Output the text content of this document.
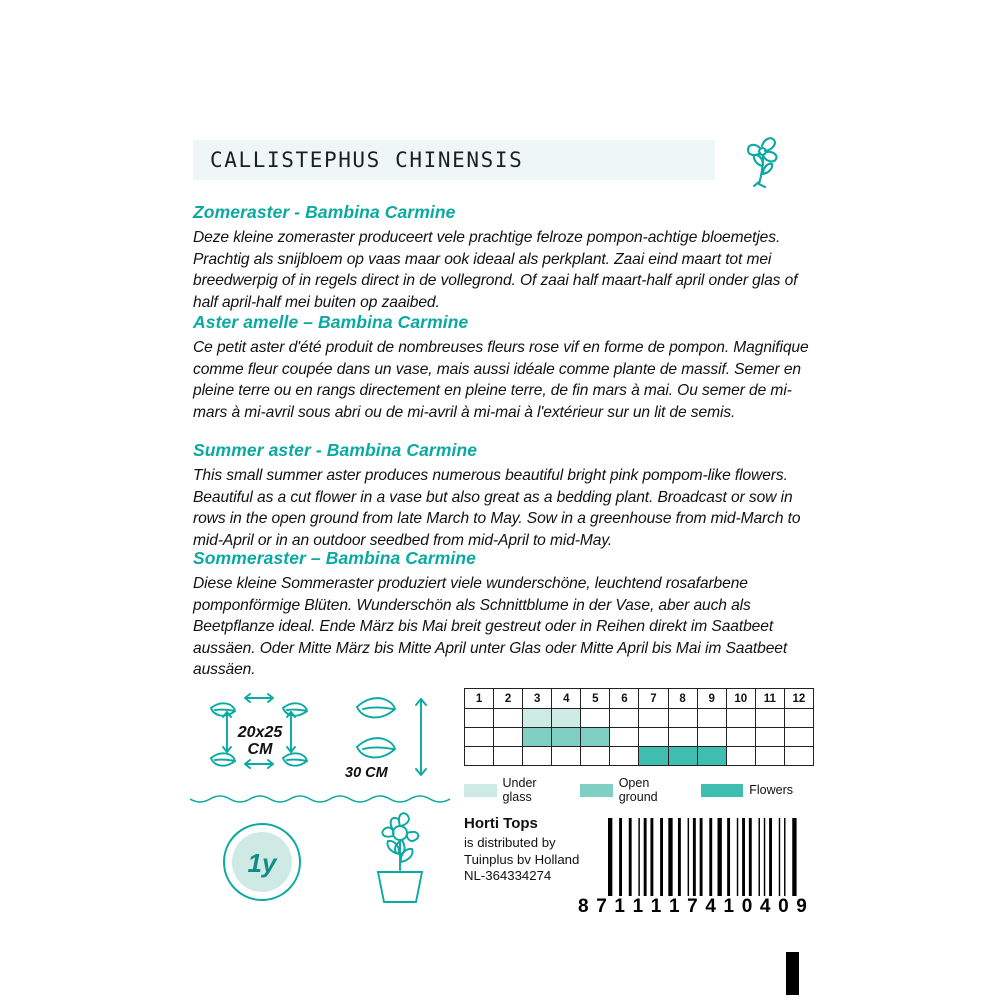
CALLISTEPHUS CHINENSIS
Zomeraster - Bambina Carmine

Deze kleine zomeraster produceert vele prachtige felroze pompon-achtige bloemetjes. Prachtig als snijbloem op vaas maar ook ideaal als perkplant. Zaai eind maart tot mei breedwerpig of in regels direct in de vollegrond. Of zaai half maart-half april onder glas of half april-half mei buiten op zaaibed.

Aster amelle – Bambina Carmine

Ce petit aster d'été produit de nombreuses fleurs rose vif en forme de pompon. Magnifique comme fleur coupée dans un vase, mais aussi idéale comme plante de massif. Semer en pleine terre ou en rangs directement en pleine terre, de fin mars à mai. Ou semer de mi-mars à mi-avril sous abri ou de mi-avril à mi-mai à l'extérieur sur un lit de semis.

Summer aster - Bambina Carmine

This small summer aster produces numerous beautiful bright pink pompom-like flowers. Beautiful as a cut flower in a vase but also great as a bedding plant. Broadcast or sow in rows in the open ground from late March to May. Sow in a greenhouse from mid-March to mid-April or in an outdoor seedbed from mid-April to mid-May.

Sommeraster – Bambina Carmine

Diese kleine Sommeraster produziert viele wunderschöne, leuchtend rosafarbene pomponförmige Blüten. Wunderschön als Schnittblume in der Vase, aber auch als Beetpflanze ideal. Ende März bis Mai breit gestreut oder in Reihen direkt im Saatbeet aussäen. Oder Mitte März bis Mitte April unter Glas oder Mitte April bis Mai im Saatbeet aussäen.

20x25
CM
30 CM
1y
1	2	3	4	5	6	7	8	9	10	11	12

Under glass
Open ground	Flowers
Horti Tops
is distributed by
Tuinplus bv Holland
NL-364334274
8 7 1 1 1 1 7 4 1 0 4 0 9
